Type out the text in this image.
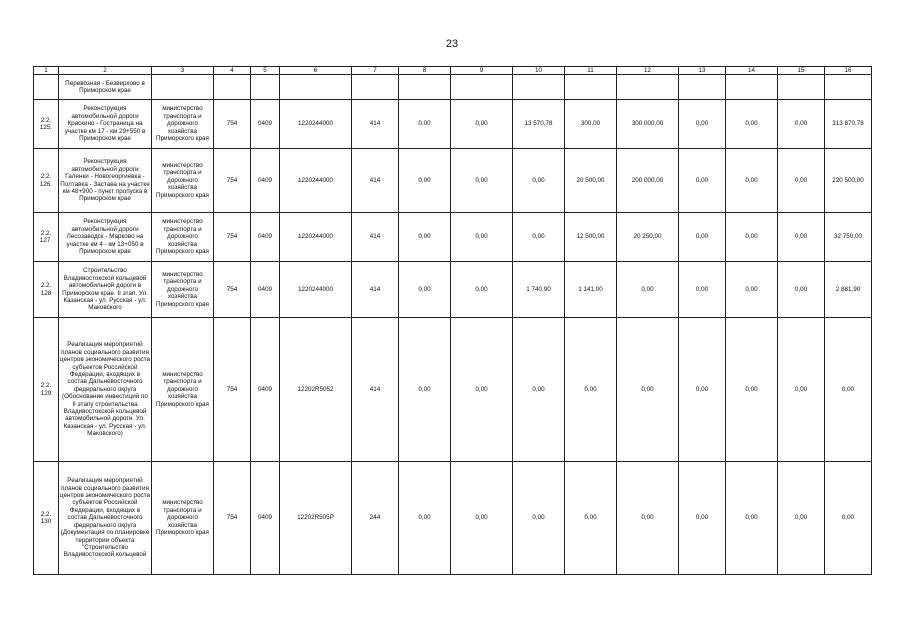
23
1	2	3	4	5	6	7	8	9	10	11	12	13	14	15	16
	Перевозная - Безверхово в Приморском крае														
2.2. 125.	Реконструкция автомобильной дороги Краскино - Гостраница на участке км 17 - км 29+550 в Приморском крае	министерство транспорта и дорожного хозяйства Приморского края	754	0409	1220244000	414	0,00	0,00	13 570,78	300,00	300 000,00	0,00	0,00	0,00	313 870,78
2.2. 126.	Реконструкция автомобильной дороги Галенки - Новогеоргиевка - Полтавка - Застава на участке км 48+900 - пункт пропуска в Приморском крае	министерство транспорта и дорожного хозяйства Приморского края	754	0409	1220244000	414	0,00	0,00	0,00	20 500,00	200 000,00	0,00	0,00	0,00	220 500,00
2.2. 127.	Реконструкция автомобильной дороги Лесозаводск - Марково на участке км 4 - км 13+050 в Приморском крае	министерство транспорта и дорожного хозяйства Приморского края	754	0409	1220244000	414	0,00	0,00	0,00	12 500,00	20 250,00	0,00	0,00	0,00	32 750,00
2.2. 128	Строительство Владивостокской кольцевой автомобильной дороги в Приморском крае. II этап. Ул. Казанская - ул. Русская - ул. Маковского	министерство транспорта и дорожного хозяйства Приморского края	754	0409	1220244000	414	0,00	0,00	1 740,90	1 141,00	0,00	0,00	0,00	0,00	2 881,90
2.2. 129	Реализация мероприятий планов социального развития центров экономического роста субъектов Российской Федерации, входящих в состав Дальневосточного федерального округа (Обоснование инвестиций по II этапу строительства Владивостокской кольцевой автомобильной дороги. Ул. Казанская - ул. Русская - ул. Маковского)	министерство транспорта и дорожного хозяйства Приморского края	754	0409	12202R5052	414	0,00	0,00	0,00	0,00	0,00	0,00	0,00	0,00	0,00
2.2. 130	Реализация мероприятий планов социального развития центров экономического роста субъектов Российской Федерации, входящих в состав Дальневосточного федерального округа (Документация по планировке территории объекта "Строительство Владивостокской кольцевой	министерство транспорта и дорожного хозяйства Приморского края	754	0409	12202R505P	244	0,00	0,00	0,00	0,00	0,00	0,00	0,00	0,00	0,00
